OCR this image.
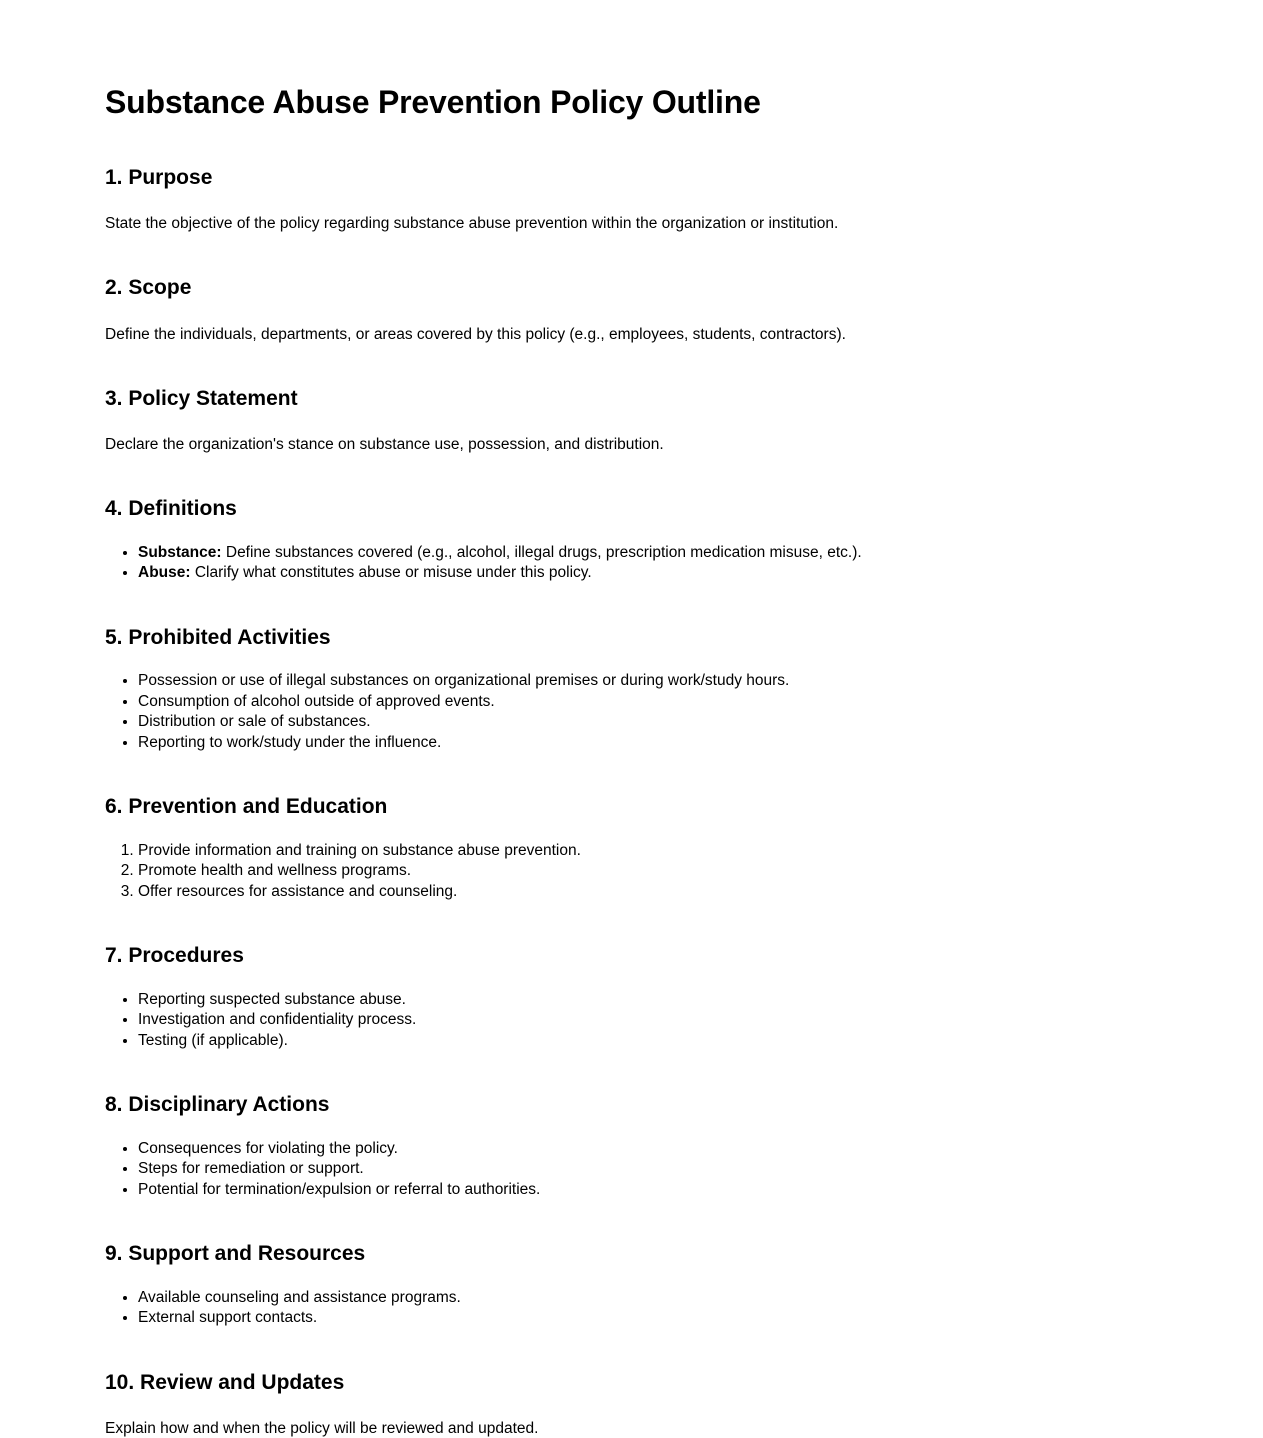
Substance Abuse Prevention Policy Outline
1. Purpose

State the objective of the policy regarding substance abuse prevention within the organization or institution.

2. Scope

Define the individuals, departments, or areas covered by this policy (e.g., employees, students, contractors).

3. Policy Statement

Declare the organization's stance on substance use, possession, and distribution.

4. Definitions
• Substance: Define substances covered (e.g., alcohol, illegal drugs, prescription medication misuse, etc.).
• Abuse: Clarify what constitutes abuse or misuse under this policy.
5. Prohibited Activities
• Possession or use of illegal substances on organizational premises or during work/study hours.
• Consumption of alcohol outside of approved events.
• Distribution or sale of substances.
• Reporting to work/study under the influence.
6. Prevention and Education
1. Provide information and training on substance abuse prevention.
2. Promote health and wellness programs.
3. Offer resources for assistance and counseling.
7. Procedures
• Reporting suspected substance abuse.
• Investigation and confidentiality process.
• Testing (if applicable).
8. Disciplinary Actions
• Consequences for violating the policy.
• Steps for remediation or support.
• Potential for termination/expulsion or referral to authorities.
9. Support and Resources
• Available counseling and assistance programs.
• External support contacts.
10. Review and Updates

Explain how and when the policy will be reviewed and updated.
